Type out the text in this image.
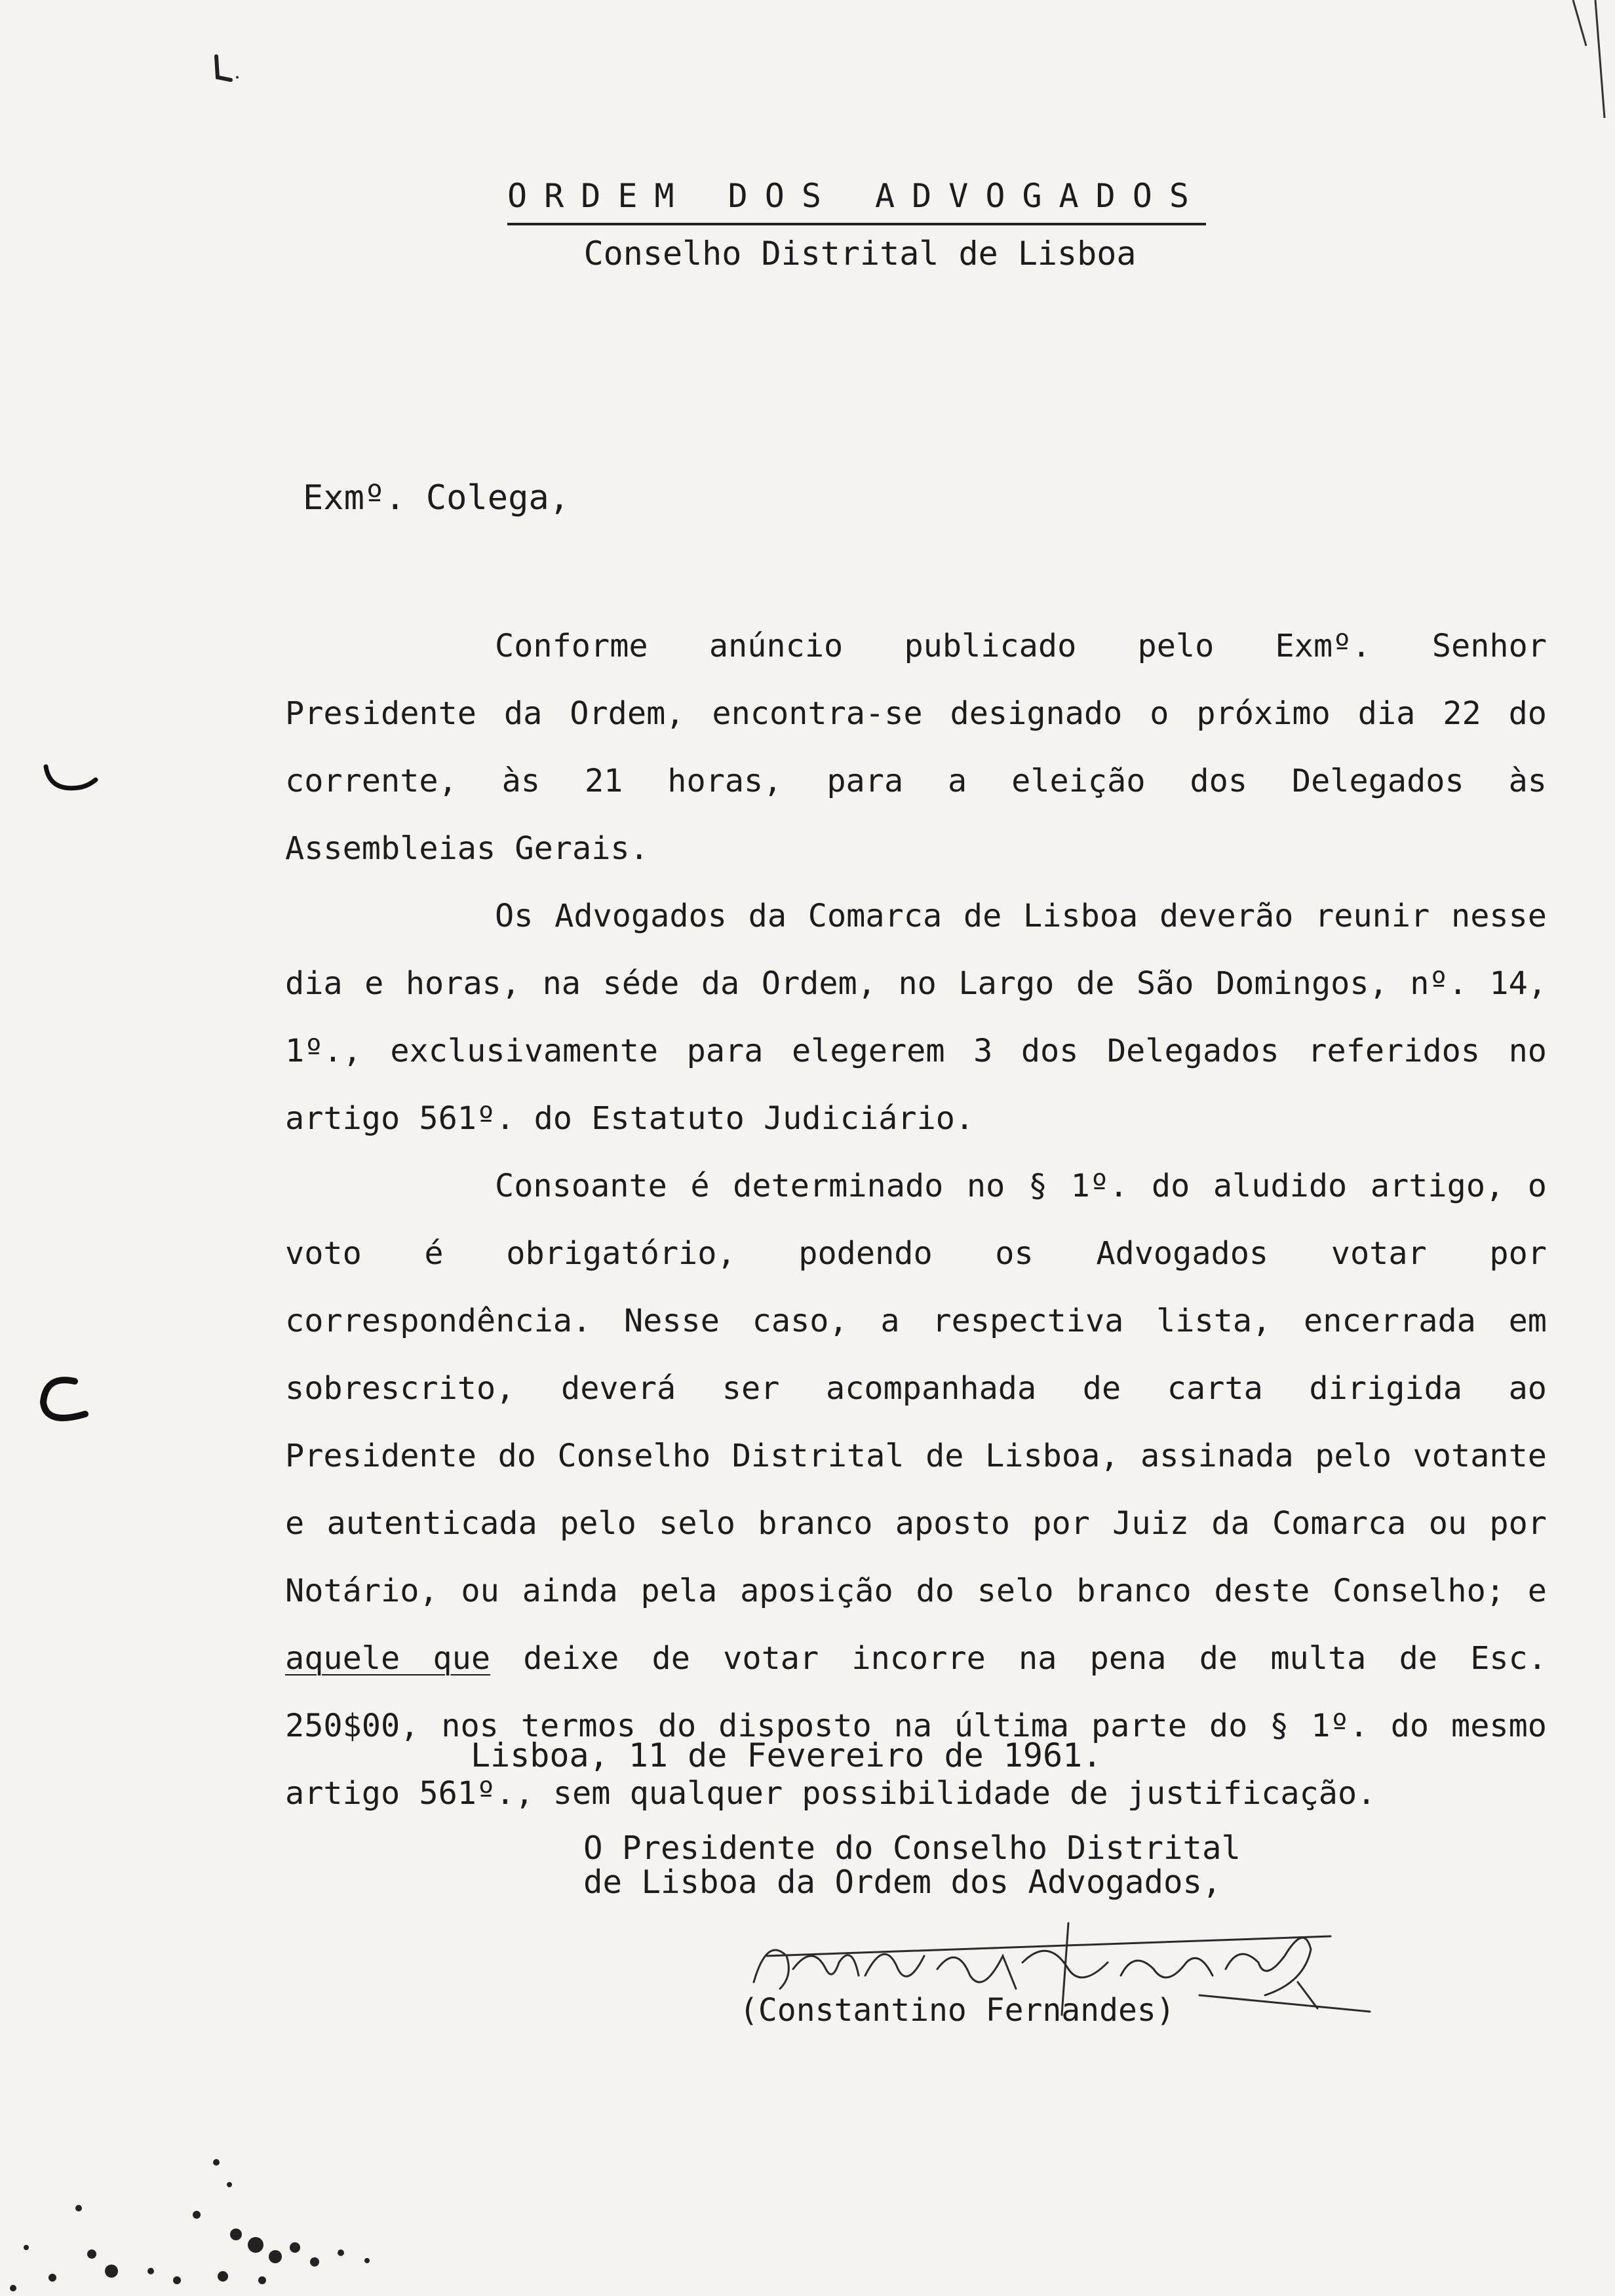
ORDEM DOS ADVOGADOS
Conselho Distrital de Lisboa
Exmº. Colega,

Conforme anúncio publicado pelo Exmº. Senhor Presidente da Ordem, encontra-se designado o próximo dia 22 do corrente, às 21 horas, para a eleição dos Delegados às Assembleias Gerais.

Os Advogados da Comarca de Lisboa deverão reunir nesse dia e horas, na séde da Ordem, no Largo de São Domingos, nº. 14, 1º., exclusivamente para elegerem 3 dos Delegados referidos no artigo 561º. do Estatuto Judiciário.

Consoante é determinado no § 1º. do aludido artigo, o voto é obrigatório, podendo os Advogados votar por correspondência. Nesse caso, a respectiva lista, encerrada em sobrescrito, deverá ser acompanhada de carta dirigida ao Presidente do Conselho Distrital de Lisboa, assinada pelo votante e autenticada pelo selo branco aposto por Juiz da Comarca ou por Notário, ou ainda pela aposição do selo branco deste Conselho; e aquele que deixe de votar incorre na pena de multa de Esc. 250$00, nos termos do disposto na última parte do § 1º. do mesmo artigo 561º., sem qualquer possibilidade de justificação.

Lisboa, 11 de Fevereiro de 1961.
O Presidente do Conselho Distrital
de Lisboa da Ordem dos Advogados,
(Constantino Fernandes)
